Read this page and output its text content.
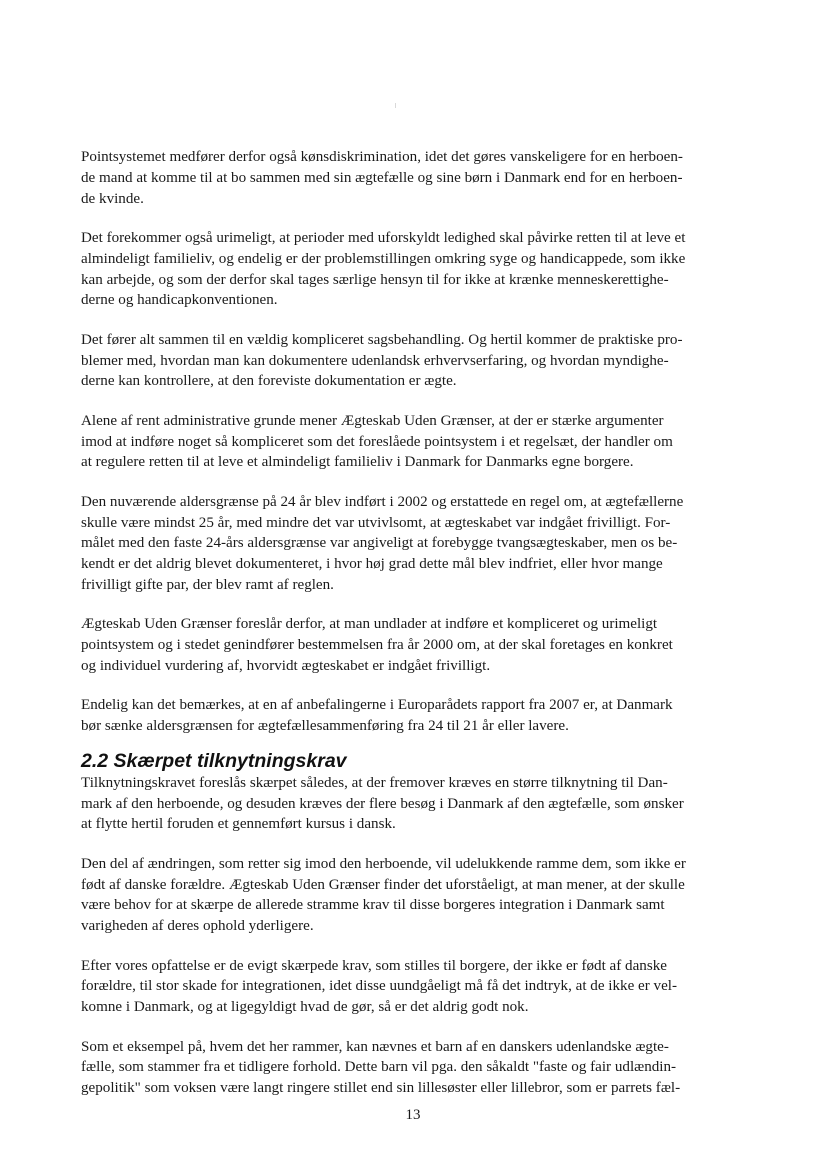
Pointsystemet medfører derfor også kønsdiskrimination, idet det gøres vanskeligere for en herboen-
de mand at komme til at bo sammen med sin ægtefælle og sine børn i Danmark end for en herboen-
de kvinde.

Det forekommer også urimeligt, at perioder med uforskyldt ledighed skal påvirke retten til at leve et
almindeligt familieliv, og endelig er der problemstillingen omkring syge og handicappede, som ikke
kan arbejde, og som der derfor skal tages særlige hensyn til for ikke at krænke menneskerettighe-
derne og handicapkonventionen.

Det fører alt sammen til en vældig kompliceret sagsbehandling. Og hertil kommer de praktiske pro-
blemer med, hvordan man kan dokumentere udenlandsk erhvervserfaring, og hvordan myndighe-
derne kan kontrollere, at den foreviste dokumentation er ægte.

Alene af rent administrative grunde mener Ægteskab Uden Grænser, at der er stærke argumenter
imod at indføre noget så kompliceret som det foreslåede pointsystem i et regelsæt, der handler om
at regulere retten til at leve et almindeligt familieliv i Danmark for Danmarks egne borgere.

Den nuværende aldersgrænse på 24 år blev indført i 2002 og erstattede en regel om, at ægtefællerne
skulle være mindst 25 år, med mindre det var utvivlsomt, at ægteskabet var indgået frivilligt. For-
målet med den faste 24-års aldersgrænse var angiveligt at forebygge tvangsægteskaber, men os be-
kendt er det aldrig blevet dokumenteret, i hvor høj grad dette mål blev indfriet, eller hvor mange
frivilligt gifte par, der blev ramt af reglen.

Ægteskab Uden Grænser foreslår derfor, at man undlader at indføre et kompliceret og urimeligt
pointsystem og i stedet genindfører bestemmelsen fra år 2000 om, at der skal foretages en konkret
og individuel vurdering af, hvorvidt ægteskabet er indgået frivilligt.

Endelig kan det bemærkes, at en af anbefalingerne i Europarådets rapport fra 2007 er, at Danmark
bør sænke aldersgrænsen for ægtefællesammenføring fra 24 til 21 år eller lavere.

2.2 Skærpet tilknytningskrav

Tilknytningskravet foreslås skærpet således, at der fremover kræves en større tilknytning til Dan-
mark af den herboende, og desuden kræves der flere besøg i Danmark af den ægtefælle, som ønsker
at flytte hertil foruden et gennemført kursus i dansk.

Den del af ændringen, som retter sig imod den herboende, vil udelukkende ramme dem, som ikke er
født af danske forældre. Ægteskab Uden Grænser finder det uforståeligt, at man mener, at der skulle
være behov for at skærpe de allerede stramme krav til disse borgeres integration i Danmark samt
varigheden af deres ophold yderligere.

Efter vores opfattelse er de evigt skærpede krav, som stilles til borgere, der ikke er født af danske
forældre, til stor skade for integrationen, idet disse uundgåeligt må få det indtryk, at de ikke er vel-
komne i Danmark, og at ligegyldigt hvad de gør, så er det aldrig godt nok.

Som et eksempel på, hvem det her rammer, kan nævnes et barn af en danskers udenlandske ægte-
fælle, som stammer fra et tidligere forhold. Dette barn vil pga. den såkaldt "faste og fair udlændin-
gepolitik" som voksen være langt ringere stillet end sin lillesøster eller lillebror, som er parrets fæl-

13
